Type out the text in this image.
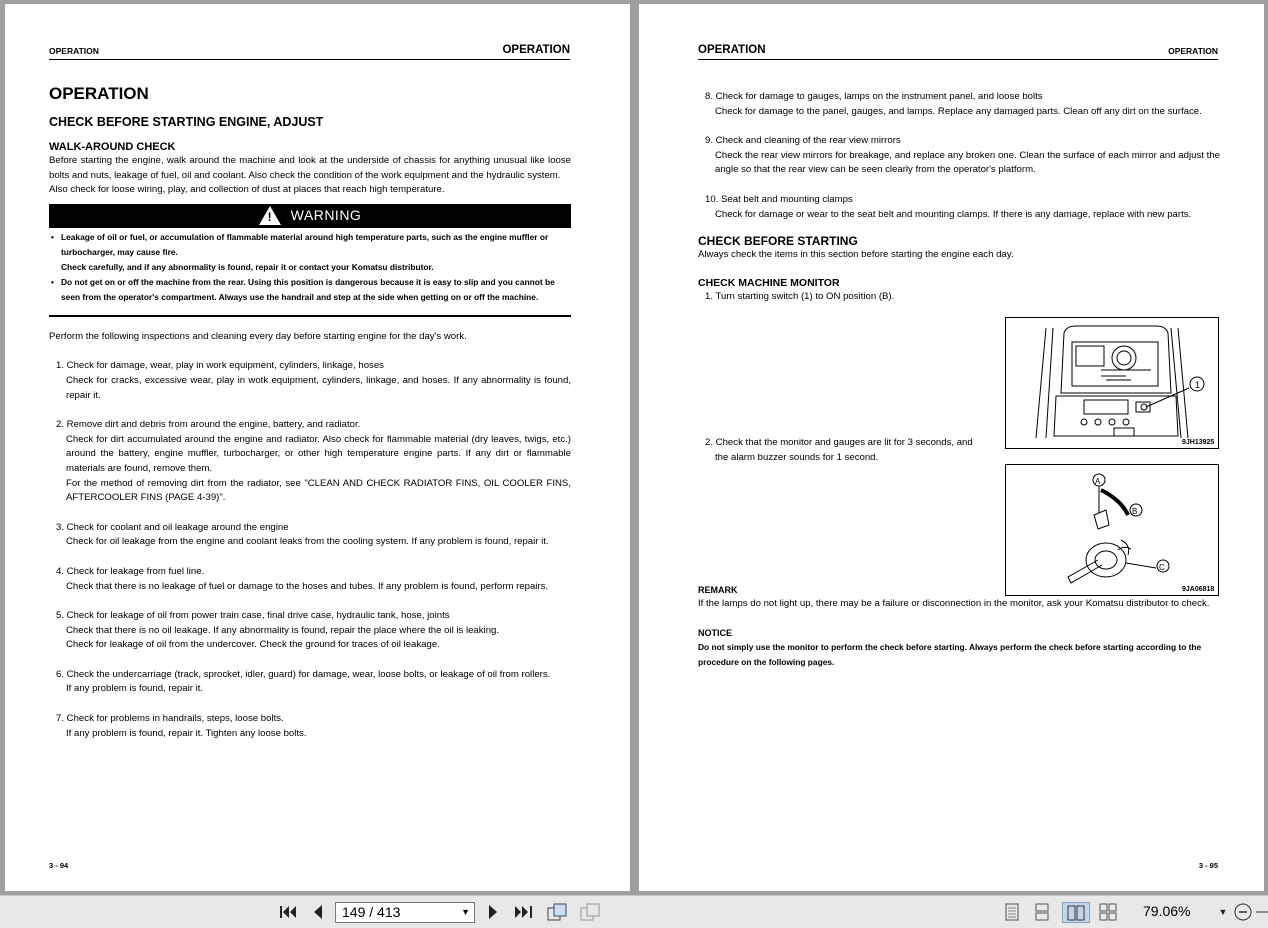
OPERATION	OPERATION
OPERATION
CHECK BEFORE STARTING ENGINE, ADJUST
WALK-AROUND CHECK

Before starting the engine, walk around the machine and look at the underside of chassis for anything unusual like loose bolts and nuts, leakage of fuel, oil and coolant. Also check the condition of the work equipment and the hydraulic system.

Also check for loose wiring, play, and collection of dust at places that reach high temperature.

! WARNING
• Leakage of oil or fuel, or accumulation of flammable material around high temperature parts, such as the engine muffler or turbocharger, may cause fire.
Check carefully, and if any abnormality is found, repair it or contact your Komatsu distributor.
• Do not get on or off the machine from the rear. Using this position is dangerous because it is easy to slip and you cannot be seen from the operator's compartment. Always use the handrail and step at the side when getting on or off the machine.

Perform the following inspections and cleaning every day before starting engine for the day's work.

1. Check for damage, wear, play in work equipment, cylinders, linkage, hoses
Check for cracks, excessive wear, play in wotk equipment, cylinders, linkage, and hoses. If any abnormality is found, repair it.
2. Remove dirt and debris from around the engine, battery, and radiator.
Check for dirt accumulated around the engine and radiator. Also check for flammable material (dry leaves, twigs, etc.) around the battery, engine muffler, turbocharger, or other high temperature engine parts. If any dirt or flammable materials are found, remove them.
For the method of removing dirt from the radiator, see "CLEAN AND CHECK RADIATOR FINS, OIL COOLER FINS, AFTERCOOLER FINS (PAGE 4-39)".
3. Check for coolant and oil leakage around the engine
Check for oil leakage from the engine and coolant leaks from the cooling system. If any problem is found, repair it.
4. Check for leakage from fuel line.
Check that there is no leakage of fuel or damage to the hoses and tubes. If any problem is found, perform repairs.
5. Check for leakage of oil from power train case, final drive case, hydraulic tank, hose, joints
Check that there is no oil leakage. If any abnormality is found, repair the place where the oil is leaking.
Check for leakage of oil from the undercover. Check the ground for traces of oil leakage.
6. Check the undercarriage (track, sprocket, idler, guard) for damage, wear, loose bolts, or leakage of oil from rollers.
If any problem is found, repair it.
7. Check for problems in handrails, steps, loose bolts.
If any problem is found, repair it. Tighten any loose bolts.
3 - 94
OPERATION	OPERATION
8. Check for damage to gauges, lamps on the instrument panel, and loose bolts
Check for damage to the panel, gauges, and lamps. Replace any damaged parts. Clean off any dirt on the surface.
9. Check and cleaning of the rear view mirrors
Check the rear view mirrors for breakage, and replace any broken one. Clean the surface of each mirror and adjust the angle so that the rear view can be seen clearly from the operator's platform.
10. Seat belt and mounting clamps
Check for damage or wear to the seat belt and mounting clamps. If there is any damage, replace with new parts.
CHECK BEFORE STARTING

Always check the items in this section before starting the engine each day.

CHECK MACHINE MONITOR
1. Turn starting switch (1) to ON position (B).
2. Check that the monitor and gauges are lit for 3 seconds, and
the alarm buzzer sounds for 1 second.
REMARK

If the lamps do not light up, there may be a failure or disconnection in the monitor, ask your Komatsu distributor to check.

NOTICE
Do not simply use the monitor to perform the check before starting. Always perform the check before starting according to the procedure on the following pages.
1
9JH13925
A
B
C
9JA06818
3 - 95
149 / 413	▼	79.06%	▼
